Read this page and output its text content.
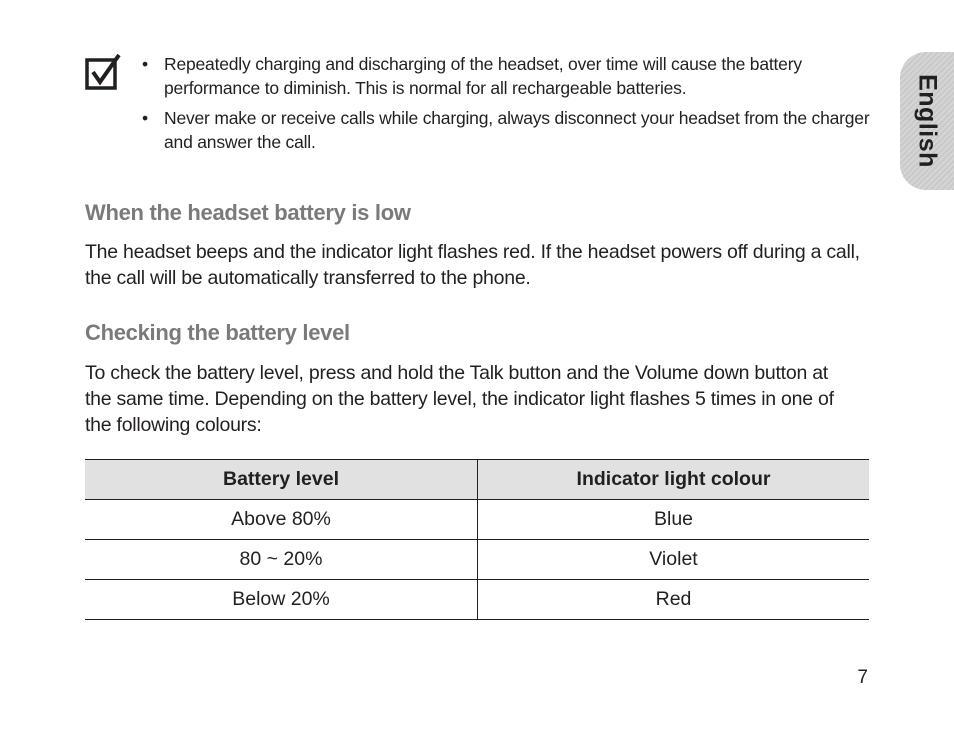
• Repeatedly charging and discharging of the headset, over time will cause the battery performance to diminish. This is normal for all rechargeable batteries.
• Never make or receive calls while charging, always disconnect your headset from the charger and answer the call.	English
When the headset battery is low

The headset beeps and the indicator light flashes red. If the headset powers off during a call, the call will be automatically transferred to the phone.

Checking the battery level

To check the battery level, press and hold the Talk button and the Volume down button at the same time. Depending on the battery level, the indicator light flashes 5 times in one of the following colours:

Battery level	Indicator light colour
Above 80%	Blue
80 ~ 20%	Violet
Below 20%	Red
7
